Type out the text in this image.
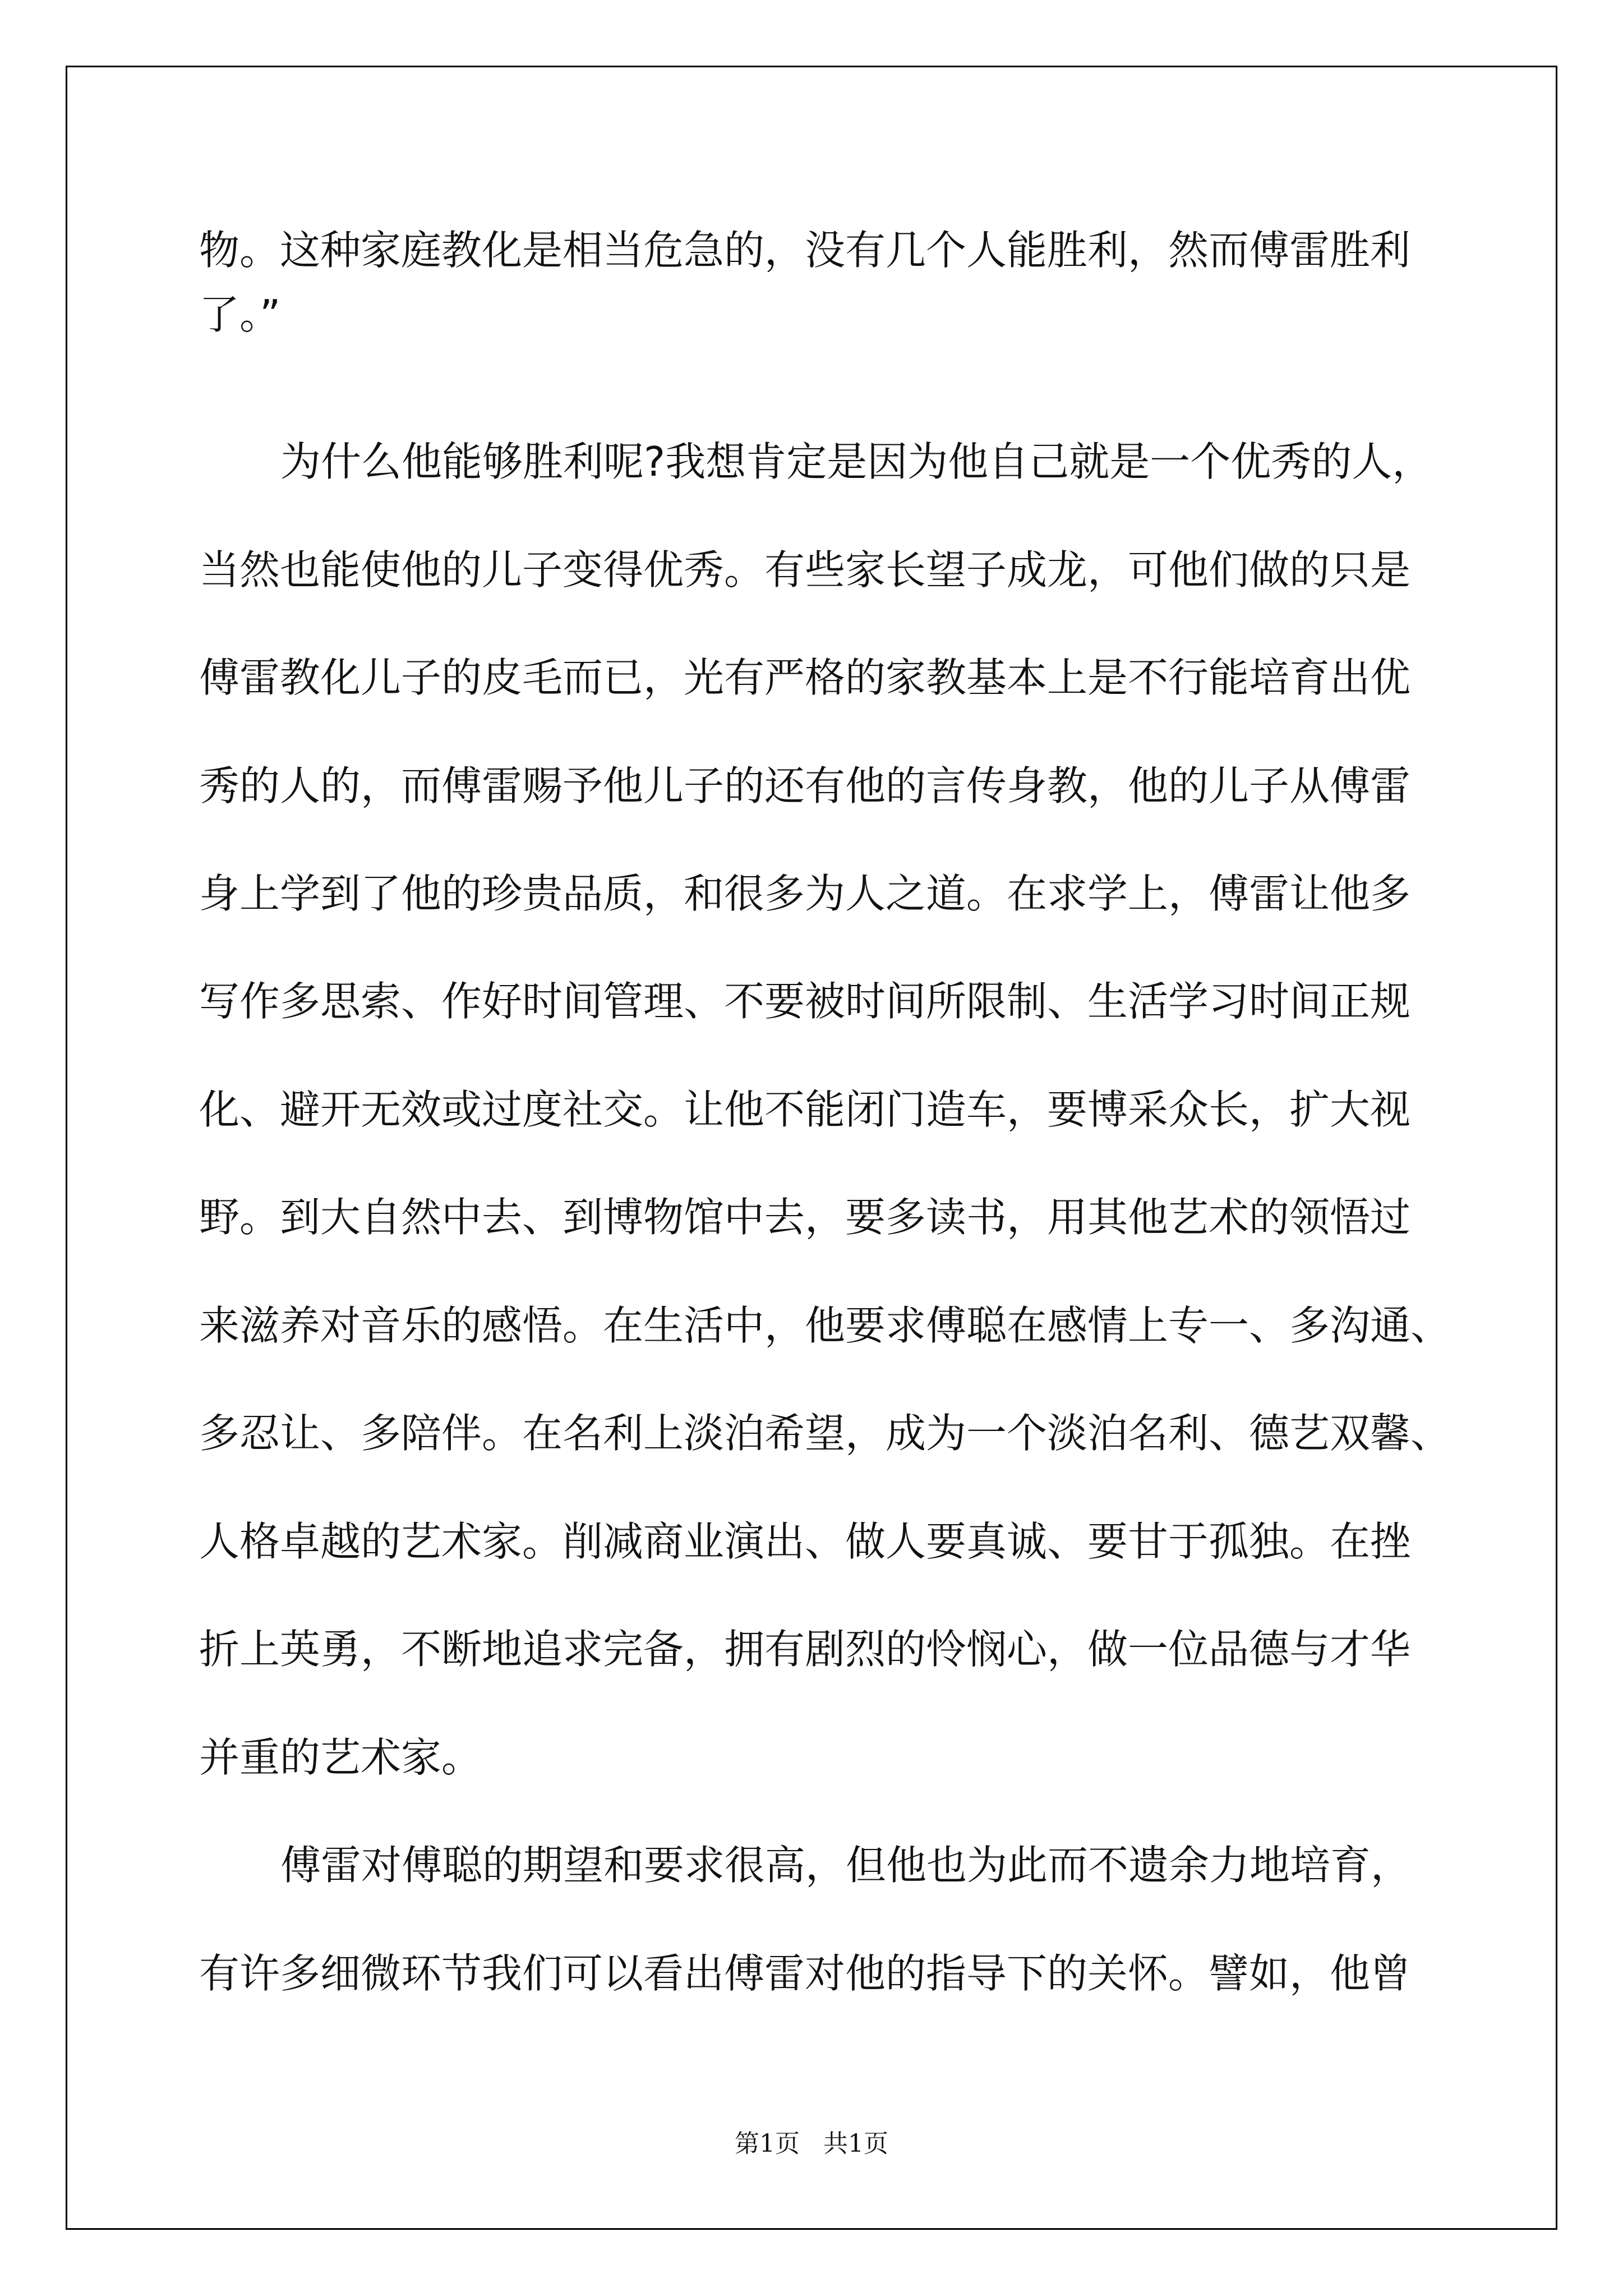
物。这种家庭教化是相当危急的，没有几个人能胜利，然而傅雷胜利

了。”

为什么他能够胜利呢?我想肯定是因为他自己就是一个优秀的人，

当然也能使他的儿子变得优秀。有些家长望子成龙，可他们做的只是

傅雷教化儿子的皮毛而已，光有严格的家教基本上是不行能培育出优

秀的人的，而傅雷赐予他儿子的还有他的言传身教，他的儿子从傅雷

身上学到了他的珍贵品质，和很多为人之道。在求学上，傅雷让他多

写作多思索、作好时间管理、不要被时间所限制、生活学习时间正规

化、避开无效或过度社交。让他不能闭门造车，要博采众长，扩大视

野。到大自然中去、到博物馆中去，要多读书，用其他艺术的领悟过

来滋养对音乐的感悟。在生活中，他要求傅聪在感情上专一、多沟通、

多忍让、多陪伴。在名利上淡泊希望，成为一个淡泊名利、德艺双馨、

人格卓越的艺术家。削减商业演出、做人要真诚、要甘于孤独。在挫

折上英勇，不断地追求完备，拥有剧烈的怜悯心，做一位品德与才华

并重的艺术家。

傅雷对傅聪的期望和要求很高，但他也为此而不遗余力地培育，

有许多细微环节我们可以看出傅雷对他的指导下的关怀。譬如，他曾

第1页   共1页
